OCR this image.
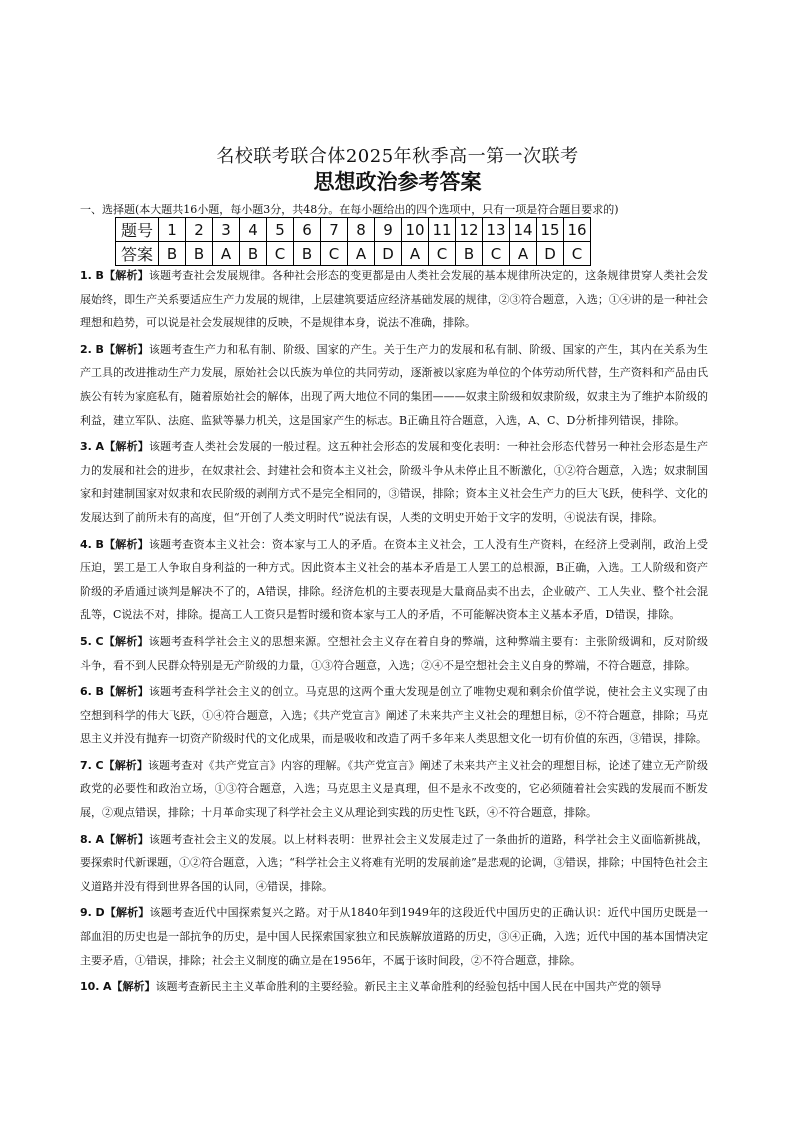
名校联考联合体2025年秋季高一第一次联考
思想政治参考答案
一、选择题(本大题共16小题，每小题3分，共48分。在每小题给出的四个选项中，只有一项是符合题目要求的)
题号	1	2	3	4	5	6	7	8	9	10	11	12	13	14	15	16
答案	B	B	A	B	C	B	C	A	D	A	C	B	C	A	D	C

1. B【解析】该题考查社会发展规律。各种社会形态的变更都是由人类社会发展的基本规律所决定的，这条规律贯穿人类社会发展始终，即生产关系要适应生产力发展的规律，上层建筑要适应经济基础发展的规律，②③符合题意，入选；①④讲的是一种社会理想和趋势，可以说是社会发展规律的反映，不是规律本身，说法不准确，排除。

2. B【解析】该题考查生产力和私有制、阶级、国家的产生。关于生产力的发展和私有制、阶级、国家的产生，其内在关系为生产工具的改进推动生产力发展，原始社会以氏族为单位的共同劳动，逐渐被以家庭为单位的个体劳动所代替，生产资料和产品由氏族公有转为家庭私有，随着原始社会的解体，出现了两大地位不同的集团———奴隶主阶级和奴隶阶级，奴隶主为了维护本阶级的利益，建立军队、法庭、监狱等暴力机关，这是国家产生的标志。B正确且符合题意，入选，A、C、D分析排列错误，排除。

3. A【解析】该题考查人类社会发展的一般过程。这五种社会形态的发展和变化表明：一种社会形态代替另一种社会形态是生产力的发展和社会的进步，在奴隶社会、封建社会和资本主义社会，阶级斗争从未停止且不断激化，①②符合题意，入选；奴隶制国家和封建制国家对奴隶和农民阶级的剥削方式不是完全相同的，③错误，排除；资本主义社会生产力的巨大飞跃，使科学、文化的发展达到了前所未有的高度，但“开创了人类文明时代”说法有误，人类的文明史开始于文字的发明，④说法有误，排除。

4. B【解析】该题考查资本主义社会：资本家与工人的矛盾。在资本主义社会，工人没有生产资料，在经济上受剥削，政治上受压迫，罢工是工人争取自身利益的一种方式。因此资本主义社会的基本矛盾是工人罢工的总根源，B正确，入选。工人阶级和资产阶级的矛盾通过谈判是解决不了的，A错误，排除。经济危机的主要表现是大量商品卖不出去，企业破产、工人失业、整个社会混乱等，C说法不对，排除。提高工人工资只是暂时缓和资本家与工人的矛盾，不可能解决资本主义基本矛盾，D错误，排除。

5. C【解析】该题考查科学社会主义的思想来源。空想社会主义存在着自身的弊端，这种弊端主要有：主张阶级调和，反对阶级斗争，看不到人民群众特别是无产阶级的力量，①③符合题意，入选；②④不是空想社会主义自身的弊端，不符合题意，排除。

6. B【解析】该题考查科学社会主义的创立。马克思的这两个重大发现是创立了唯物史观和剩余价值学说，使社会主义实现了由空想到科学的伟大飞跃，①④符合题意，入选；《共产党宣言》阐述了未来共产主义社会的理想目标，②不符合题意，排除；马克思主义并没有抛弃一切资产阶级时代的文化成果，而是吸收和改造了两千多年来人类思想文化一切有价值的东西，③错误，排除。

7. C【解析】该题考查对《共产党宣言》内容的理解。《共产党宣言》阐述了未来共产主义社会的理想目标，论述了建立无产阶级政党的必要性和政治立场，①③符合题意，入选；马克思主义是真理，但不是永不改变的，它必须随着社会实践的发展而不断发展，②观点错误，排除；十月革命实现了科学社会主义从理论到实践的历史性飞跃，④不符合题意，排除。

8. A【解析】该题考查社会主义的发展。以上材料表明：世界社会主义发展走过了一条曲折的道路，科学社会主义面临新挑战，要探索时代新课题，①②符合题意，入选；“科学社会主义将难有光明的发展前途”是悲观的论调，③错误，排除；中国特色社会主义道路并没有得到世界各国的认同，④错误，排除。

9. D【解析】该题考查近代中国探索复兴之路。对于从1840年到1949年的这段近代中国历史的正确认识：近代中国历史既是一部血泪的历史也是一部抗争的历史，是中国人民探索国家独立和民族解放道路的历史，③④正确，入选；近代中国的基本国情决定主要矛盾，①错误，排除；社会主义制度的确立是在1956年，不属于该时间段，②不符合题意，排除。

10. A【解析】该题考查新民主主义革命胜利的主要经验。新民主主义革命胜利的经验包括中国人民在中国共产党的领导
